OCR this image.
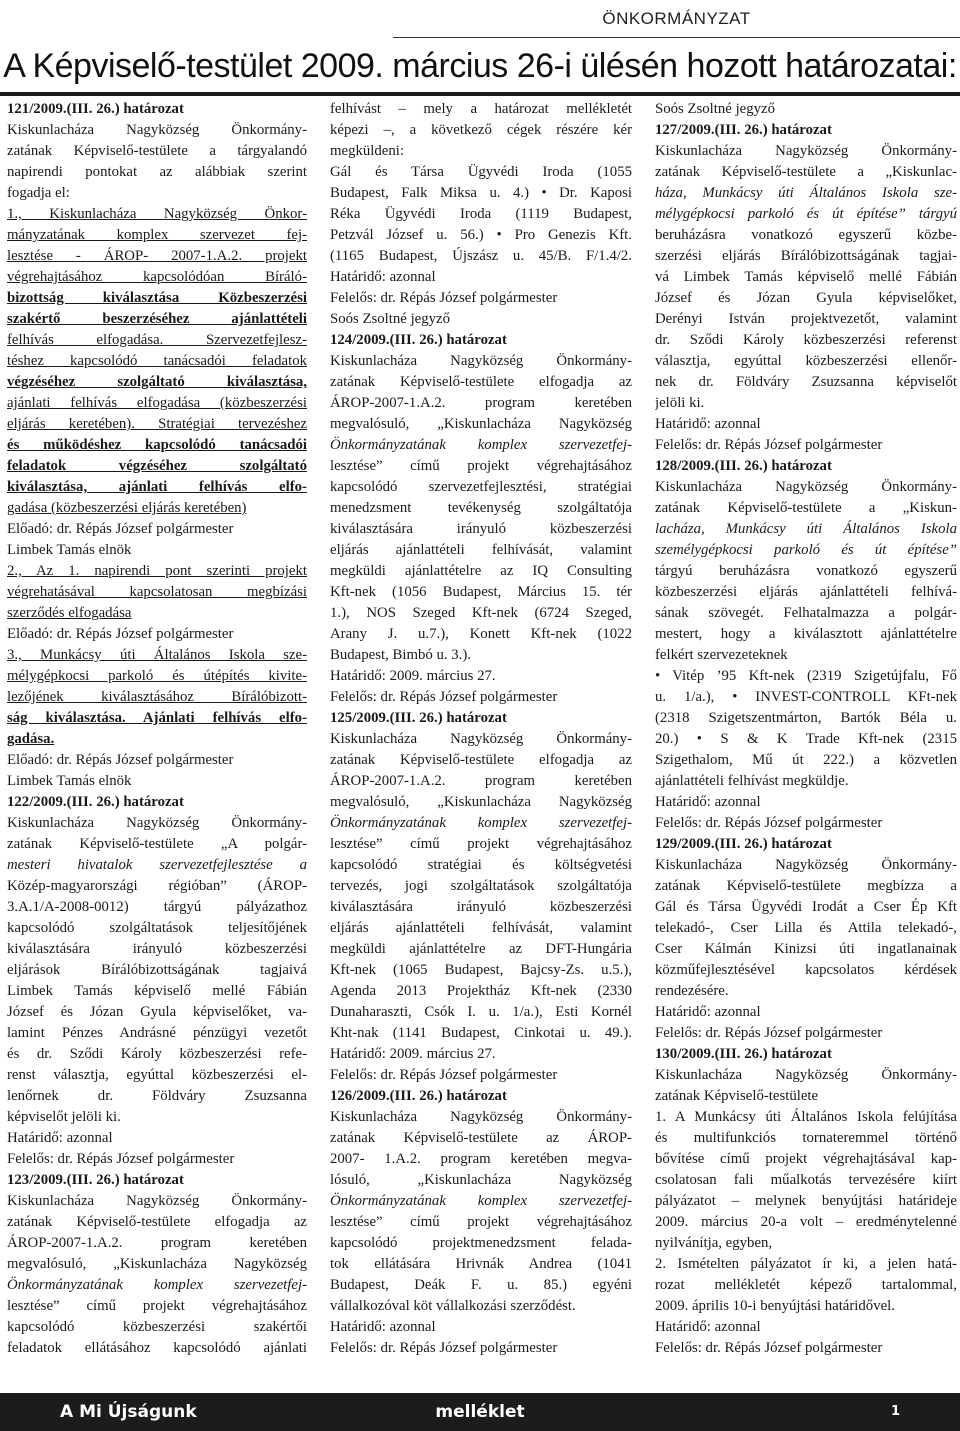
ÖNKORMÁNYZAT
A Képviselő-testület 2009. március 26-i ülésén hozott határozatai:
121/2009.(III. 26.) határozat
Kiskunlacháza Nagyközség Önkormány-
zatának Képviselő-testülete a tárgyalandó
napirendi pontokat az alábbiak szerint
fogadja el:
1., Kiskunlacháza Nagyközség Önkor-
mányzatának komplex szervezet fej-
lesztése - ÁROP- 2007-1.A.2. projekt
végrehajtásához kapcsolódóan Bíráló-
bizottság kiválasztása Közbeszerzési
szakértő beszerzéséhez ajánlattételi
felhívás elfogadása. Szervezetfejlesz-
téshez kapcsolódó tanácsadói feladatok
végzéséhez szolgáltató kiválasztása,
ajánlati felhívás elfogadása (közbeszerzési
eljárás keretében). Stratégiai tervezéshez
és működéshez kapcsolódó tanácsadói
feladatok végzéséhez szolgáltató
kiválasztása, ajánlati felhívás elfo-
gadása (közbeszerzési eljárás keretében)
Előadó: dr. Répás József polgármester
Limbek Tamás elnök
2., Az 1. napirendi pont szerinti projekt
végrehatásával kapcsolatosan megbízási
szerződés elfogadása
Előadó: dr. Répás József polgármester
3., Munkácsy úti Általános Iskola sze-
mélygépkocsi parkoló és útépítés kivite-
lezőjének kiválasztásához Bírálóbizott-
ság kiválasztása. Ajánlati felhívás elfo-
gadása.
Előadó: dr. Répás József polgármester
Limbek Tamás elnök
122/2009.(III. 26.) határozat
Kiskunlacháza Nagyközség Önkormány-
zatának Képviselő-testülete „A polgár-
mesteri hivatalok szervezetfejlesztése a
Közép-magyarországi régióban” (ÁROP-
3.A.1/A-2008-0012) tárgyú pályázathoz
kapcsolódó szolgáltatások teljesítőjének
kiválasztására irányuló közbeszerzési
eljárások Bírálóbizottságának tagjaivá
Limbek Tamás képviselő mellé Fábián
József és Józan Gyula képviselőket, va-
lamint Pénzes Andrásné pénzügyi vezetőt
és dr. Sződi Károly közbeszerzési refe-
renst választja, egyúttal közbeszerzési el-
lenőrnek dr. Földváry Zsuzsanna
képviselőt jelöli ki.
Határidő: azonnal
Felelős: dr. Répás József polgármester
123/2009.(III. 26.) határozat
Kiskunlacháza Nagyközség Önkormány-
zatának Képviselő-testülete elfogadja az
ÁROP-2007-1.A.2. program keretében
megvalósuló, „Kiskunlacháza Nagyközség
Önkormányzatának komplex szervezetfej-
lesztése” című projekt végrehajtásához
kapcsolódó közbeszerzési szakértői
feladatok ellátásához kapcsolódó ajánlati
felhívást – mely a határozat mellékletét
képezi –, a következő cégek részére kér
megküldeni:
Gál és Társa Ügyvédi Iroda (1055
Budapest, Falk Miksa u. 4.) • Dr. Kaposi
Réka Ügyvédi Iroda (1119 Budapest,
Petzvál József u. 56.) • Pro Genezis Kft.
(1165 Budapest, Újszász u. 45/B. F/1.4/2.
Határidő: azonnal
Felelős: dr. Répás József polgármester
Soós Zsoltné jegyző
124/2009.(III. 26.) határozat
Kiskunlacháza Nagyközség Önkormány-
zatának Képviselő-testülete elfogadja az
ÁROP-2007-1.A.2. program keretében
megvalósuló, „Kiskunlacháza Nagyközség
Önkormányzatának komplex szervezetfej-
lesztése” című projekt végrehajtásához
kapcsolódó szervezetfejlesztési, stratégiai
menedzsment tevékenység szolgáltatója
kiválasztására irányuló közbeszerzési
eljárás ajánlattételi felhívását, valamint
megküldi ajánlattételre az IQ Consulting
Kft-nek (1056 Budapest, Március 15. tér
1.), NOS Szeged Kft-nek (6724 Szeged,
Arany J. u.7.), Konett Kft-nek (1022
Budapest, Bimbó u. 3.).
Határidő: 2009. március 27.
Felelős: dr. Répás József polgármester
125/2009.(III. 26.) határozat
Kiskunlacháza Nagyközség Önkormány-
zatának Képviselő-testülete elfogadja az
ÁROP-2007-1.A.2. program keretében
megvalósuló, „Kiskunlacháza Nagyközség
Önkormányzatának komplex szervezetfej-
lesztése” című projekt végrehajtásához
kapcsolódó stratégiai és költségvetési
tervezés, jogi szolgáltatások szolgáltatója
kiválasztására irányuló közbeszerzési
eljárás ajánlattételi felhívását, valamint
megküldi ajánlattételre az DFT-Hungária
Kft-nek (1065 Budapest, Bajcsy-Zs. u.5.),
Agenda 2013 Projektház Kft-nek (2330
Dunaharaszti, Csók I. u. 1/a.), Esti Kornél
Kht-nak (1141 Budapest, Cinkotai u. 49.).
Határidő: 2009. március 27.
Felelős: dr. Répás József polgármester
126/2009.(III. 26.) határozat
Kiskunlacháza Nagyközség Önkormány-
zatának Képviselő-testülete az ÁROP-
2007- 1.A.2. program keretében megva-
lósuló, „Kiskunlacháza Nagyközség
Önkormányzatának komplex szervezetfej-
lesztése” című projekt végrehajtásához
kapcsolódó projektmenedzsment felada-
tok ellátására Hrivnák Andrea (1041
Budapest, Deák F. u. 85.) egyéni
vállalkozóval köt vállalkozási szerződést.
Határidő: azonnal
Felelős: dr. Répás József polgármester
Soós Zsoltné jegyző
127/2009.(III. 26.) határozat
Kiskunlacháza Nagyközség Önkormány-
zatának Képviselő-testülete a „Kiskunlac-
háza, Munkácsy úti Általános Iskola sze-
mélygépkocsi parkoló és út építése” tárgyú
beruházásra vonatkozó egyszerű közbe-
szerzési eljárás Bírálóbizottságának tagjai-
vá Limbek Tamás képviselő mellé Fábián
József és Józan Gyula képviselőket,
Derényi István projektvezetőt, valamint
dr. Sződi Károly közbeszerzési referenst
választja, egyúttal közbeszerzési ellenőr-
nek dr. Földváry Zsuzsanna képviselőt
jelöli ki.
Határidő: azonnal
Felelős: dr. Répás József polgármester
128/2009.(III. 26.) határozat
Kiskunlacháza Nagyközség Önkormány-
zatának Képviselő-testülete a „Kiskun-
lacháza, Munkácsy úti Általános Iskola
személygépkocsi parkoló és út építése”
tárgyú beruházásra vonatkozó egyszerű
közbeszerzési eljárás ajánlattételi felhívá-
sának szövegét. Felhatalmazza a polgár-
mestert, hogy a kiválasztott ajánlattételre
felkért szervezeteknek
• Vitép ’95 Kft-nek (2319 Szigetújfalu, Fő
u. 1/a.), • INVEST-CONTROLL KFt-nek
(2318 Szigetszentmárton, Bartók Béla u.
20.) • S & K Trade Kft-nek (2315
Szigethalom, Mű út 222.) a közvetlen
ajánlattételi felhívást megküldje.
Határidő: azonnal
Felelős: dr. Répás József polgármester
129/2009.(III. 26.) határozat
Kiskunlacháza Nagyközség Önkormány-
zatának Képviselő-testülete megbízza a
Gál és Társa Ügyvédi Irodát a Cser Ép Kft
telekadó-, Cser Lilla és Attila telekadó-,
Cser Kálmán Kinizsi úti ingatlanainak
közműfejlesztésével kapcsolatos kérdések
rendezésére.
Határidő: azonnal
Felelős: dr. Répás József polgármester
130/2009.(III. 26.) határozat
Kiskunlacháza Nagyközség Önkormány-
zatának Képviselő-testülete
1. A Munkácsy úti Általános Iskola felújítása
és multifunkciós tornateremmel történő
bővítése című projekt végrehajtásával kap-
csolatosan fali műalkotás tervezésére kiírt
pályázatot – melynek benyújtási határideje
2009. március 20-a volt – eredménytelenné
nyilvánítja, egyben,
2. Ismételten pályázatot ír ki, a jelen hatá-
rozat mellékletét képező tartalommal,
2009. április 10-i benyújtási határidővel.
Határidő: azonnal
Felelős: dr. Répás József polgármester
A Mi Újságunk	melléklet	1
